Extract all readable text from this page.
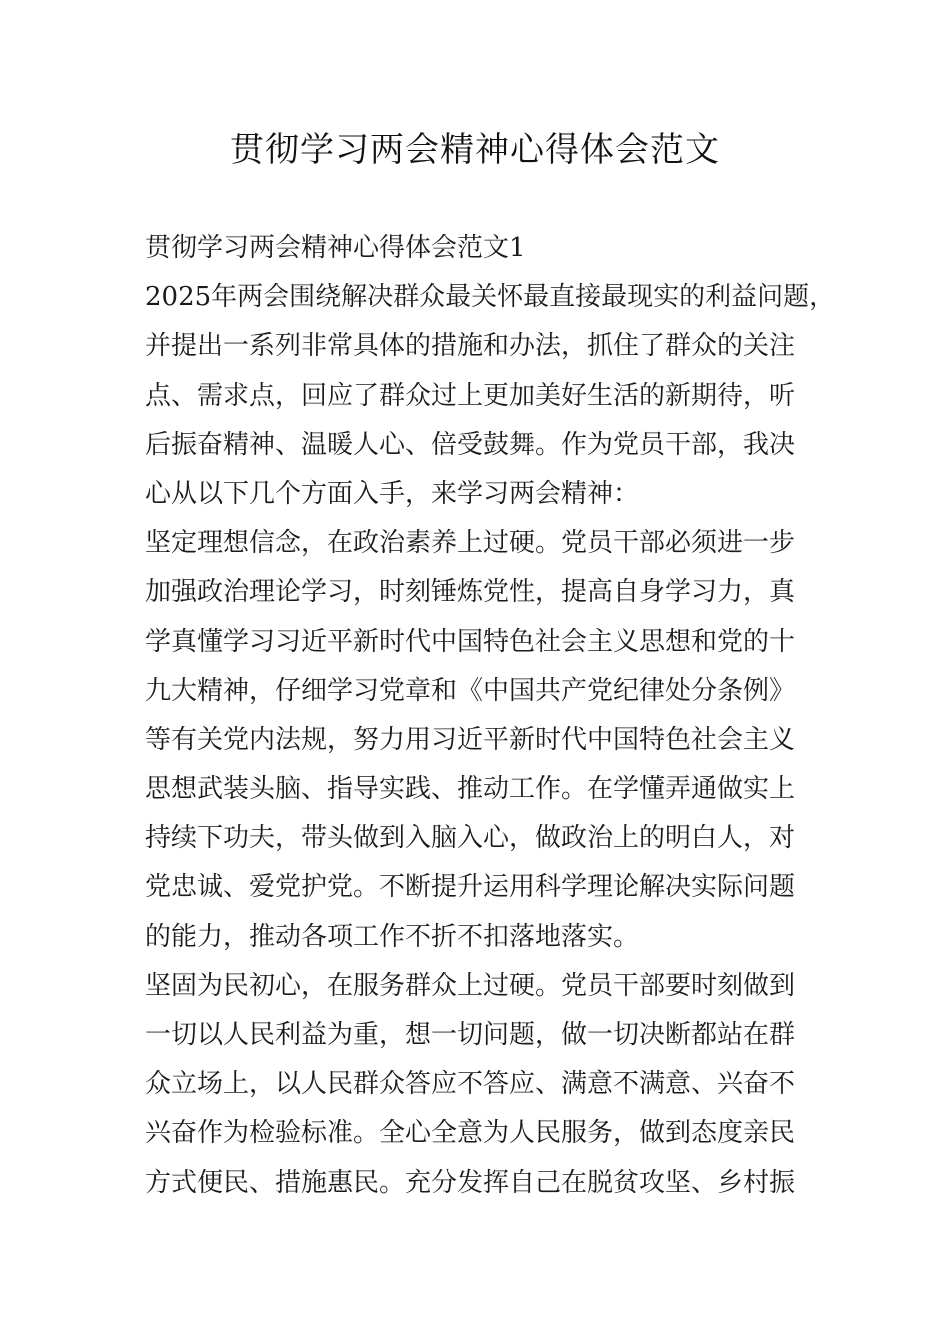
贯彻学习两会精神心得体会范文
贯彻学习两会精神心得体会范文1
2025年两会围绕解决群众最关怀最直接最现实的利益问题，
并提出一系列非常具体的措施和办法，抓住了群众的关注
点、需求点，回应了群众过上更加美好生活的新期待，听
后振奋精神、温暖人心、倍受鼓舞。作为党员干部，我决
心从以下几个方面入手，来学习两会精神：
坚定理想信念，在政治素养上过硬。党员干部必须进一步
加强政治理论学习，时刻锤炼党性，提高自身学习力，真
学真懂学习习近平新时代中国特色社会主义思想和党的十
九大精神，仔细学习党章和《中国共产党纪律处分条例》
等有关党内法规，努力用习近平新时代中国特色社会主义
思想武装头脑、指导实践、推动工作。在学懂弄通做实上
持续下功夫，带头做到入脑入心，做政治上的明白人，对
党忠诚、爱党护党。不断提升运用科学理论解决实际问题
的能力，推动各项工作不折不扣落地落实。
坚固为民初心，在服务群众上过硬。党员干部要时刻做到
一切以人民利益为重，想一切问题，做一切决断都站在群
众立场上，以人民群众答应不答应、满意不满意、兴奋不
兴奋作为检验标准。全心全意为人民服务，做到态度亲民
方式便民、措施惠民。充分发挥自己在脱贫攻坚、乡村振
